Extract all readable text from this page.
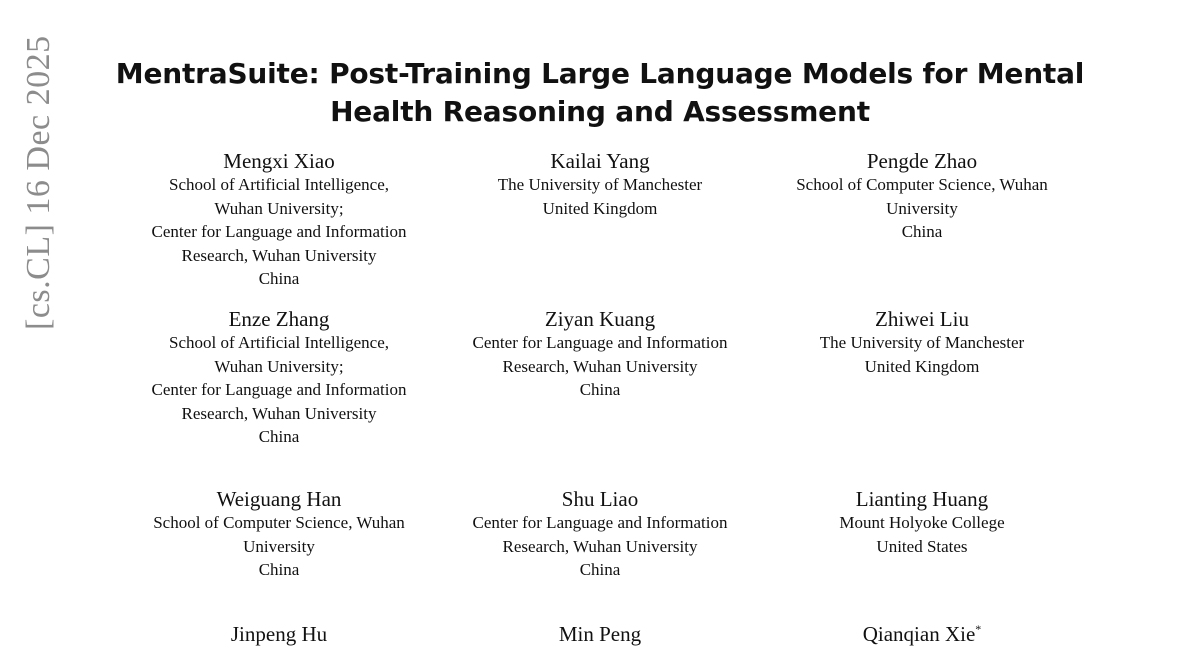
MentraSuite: Post-Training Large Language Models for Mental
Health Reasoning and Assessment
Mengxi Xiao
School of Artificial Intelligence,
Wuhan University;
Center for Language and Information
Research, Wuhan University
China
Kailai Yang
The University of Manchester
United Kingdom
Pengde Zhao
School of Computer Science, Wuhan
University
China
Enze Zhang
School of Artificial Intelligence,
Wuhan University;
Center for Language and Information
Research, Wuhan University
China
Ziyan Kuang
Center for Language and Information
Research, Wuhan University
China
Zhiwei Liu
The University of Manchester
United Kingdom
Weiguang Han
School of Computer Science, Wuhan
University
China
Shu Liao
Center for Language and Information
Research, Wuhan University
China
Lianting Huang
Mount Holyoke College
United States
Jinpeng Hu	Min Peng	Qianqian Xie*
[cs.CL] 16 Dec 2025
